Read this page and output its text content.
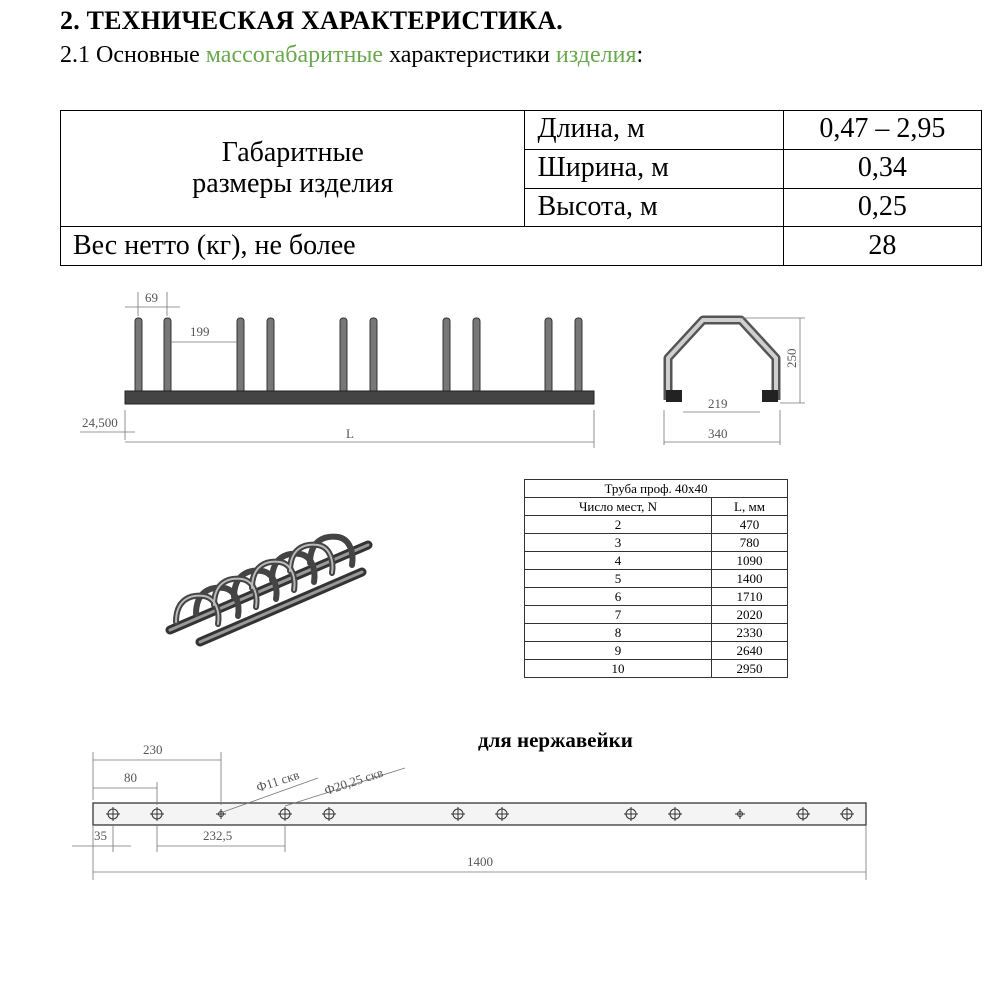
2. ТЕХНИЧЕСКАЯ ХАРАКТЕРИСТИКА.
2.1 Основные массогабаритные характеристики изделия:
Габаритные
размеры изделия	Длина, м	0,47 – 2,95
	Ширина, м	0,34
	Высота, м	0,25
Вес нетто (кг), не более		28
69
199
24,500
L
250
219
340
230
80	Ф11 скв Ф20,25 скв
35	232,5
1400
Труба проф. 40х40	
Число мест, N	L, мм
2	470
3	780
4	1090
5	1400
6	1710
7	2020
8	2330
9	2640
10	2950
для нержавейки
